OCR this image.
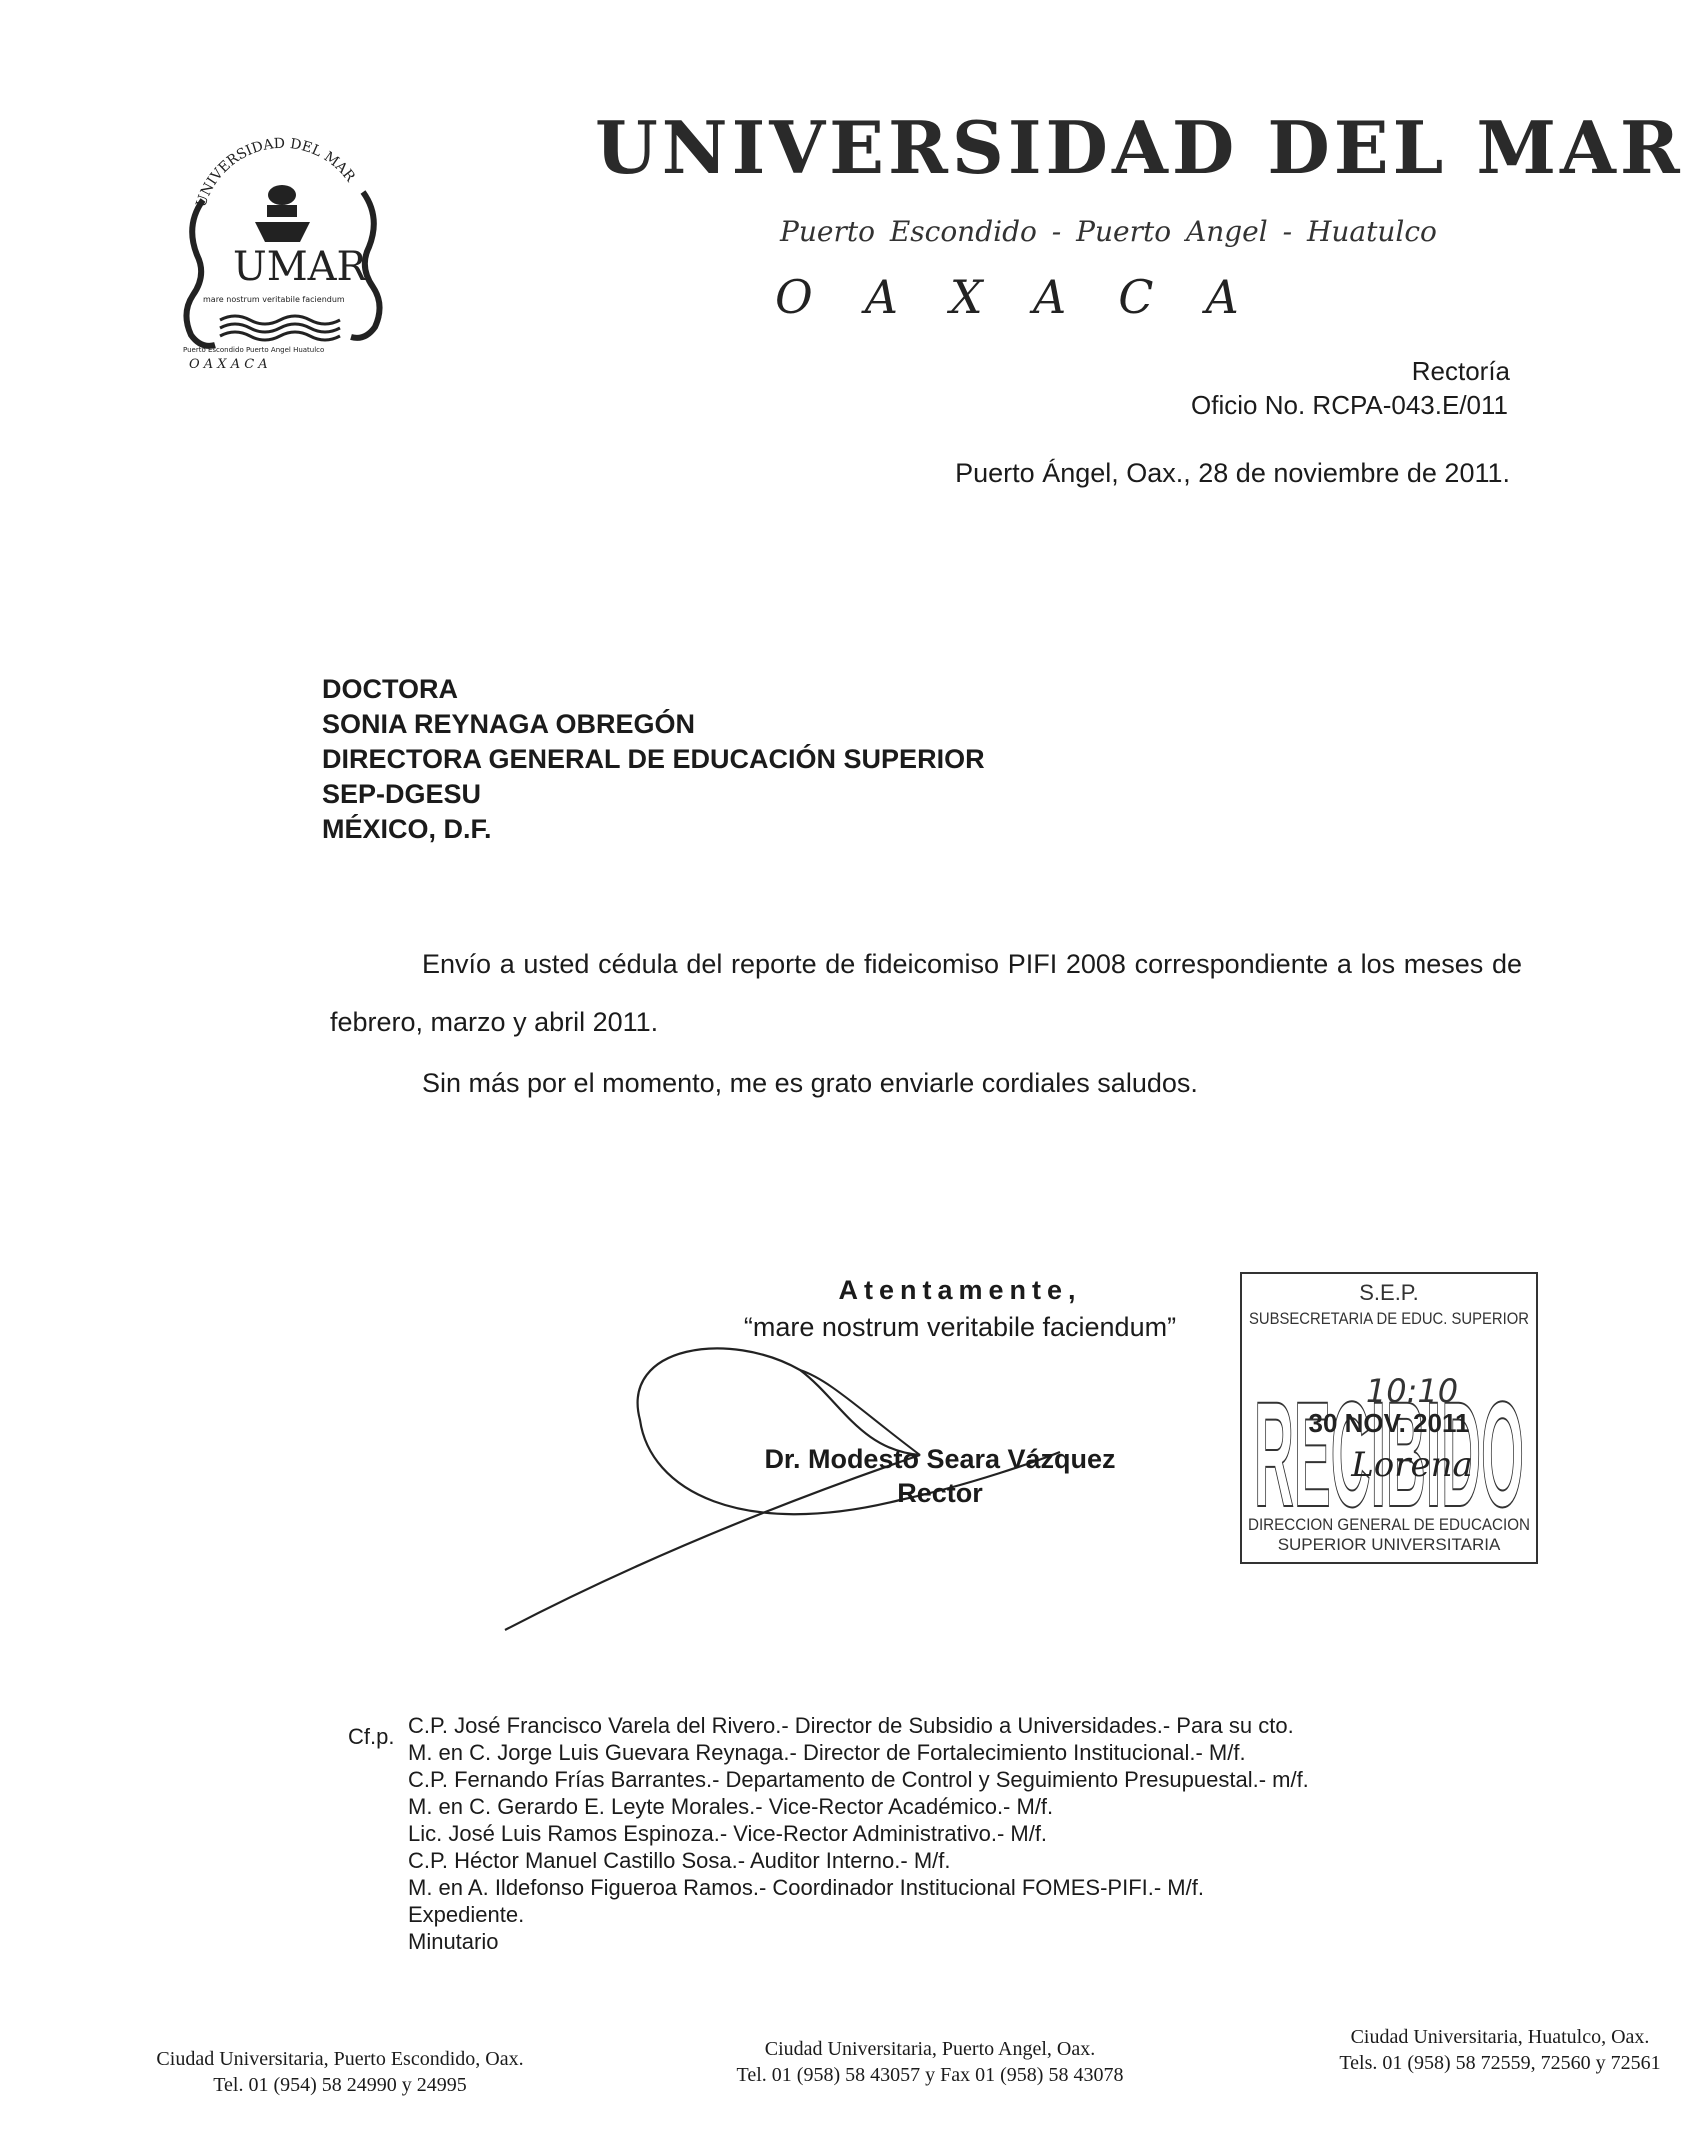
UNIVERSIDAD DEL MAR
UMAR
mare nostrum veritabile faciendum
Puerto Escondido Puerto Angel Huatulco
O A X A C A
UNIVERSIDAD DEL MAR
Puerto Escondido - Puerto Angel - Huatulco
OAXACA
Rectoría
Oficio No. RCPA-043.E/011
Puerto Ángel, Oax., 28 de noviembre de 2011.
DOCTORA
SONIA REYNAGA OBREGÓN
DIRECTORA GENERAL DE EDUCACIÓN SUPERIOR
SEP-DGESU
MÉXICO, D.F.
Envío a usted cédula del reporte de fideicomiso PIFI 2008 correspondiente a los meses de febrero, marzo y abril 2011.
Sin más por el momento, me es grato enviarle cordiales saludos.
Atentamente,
“mare nostrum veritabile faciendum”
Dr. Modesto Seara Vázquez
Rector
S.E.P.
SUBSECRETARIA DE EDUC. SUPERIOR
RECIBIDO
10:10
30 NOV. 2011
Lorena
DIRECCION GENERAL DE EDUCACION
SUPERIOR UNIVERSITARIA
Cf.p. C.P. José Francisco Varela del Rivero.- Director de Subsidio a Universidades.- Para su cto.
M. en C. Jorge Luis Guevara Reynaga.- Director de Fortalecimiento Institucional.- M/f.
C.P. Fernando Frías Barrantes.- Departamento de Control y Seguimiento Presupuestal.- m/f.
M. en C. Gerardo E. Leyte Morales.- Vice-Rector Académico.- M/f.
Lic. José Luis Ramos Espinoza.- Vice-Rector Administrativo.- M/f.
C.P. Héctor Manuel Castillo Sosa.- Auditor Interno.- M/f.
M. en A. Ildefonso Figueroa Ramos.- Coordinador Institucional FOMES-PIFI.- M/f.
Expediente.
Minutario
Ciudad Universitaria, Puerto Escondido, Oax.
Tel. 01 (954) 58 24990 y 24995
Ciudad Universitaria, Puerto Angel, Oax.
Tel. 01 (958) 58 43057 y Fax 01 (958) 58 43078
Ciudad Universitaria, Huatulco, Oax.
Tels. 01 (958) 58 72559, 72560 y 72561
